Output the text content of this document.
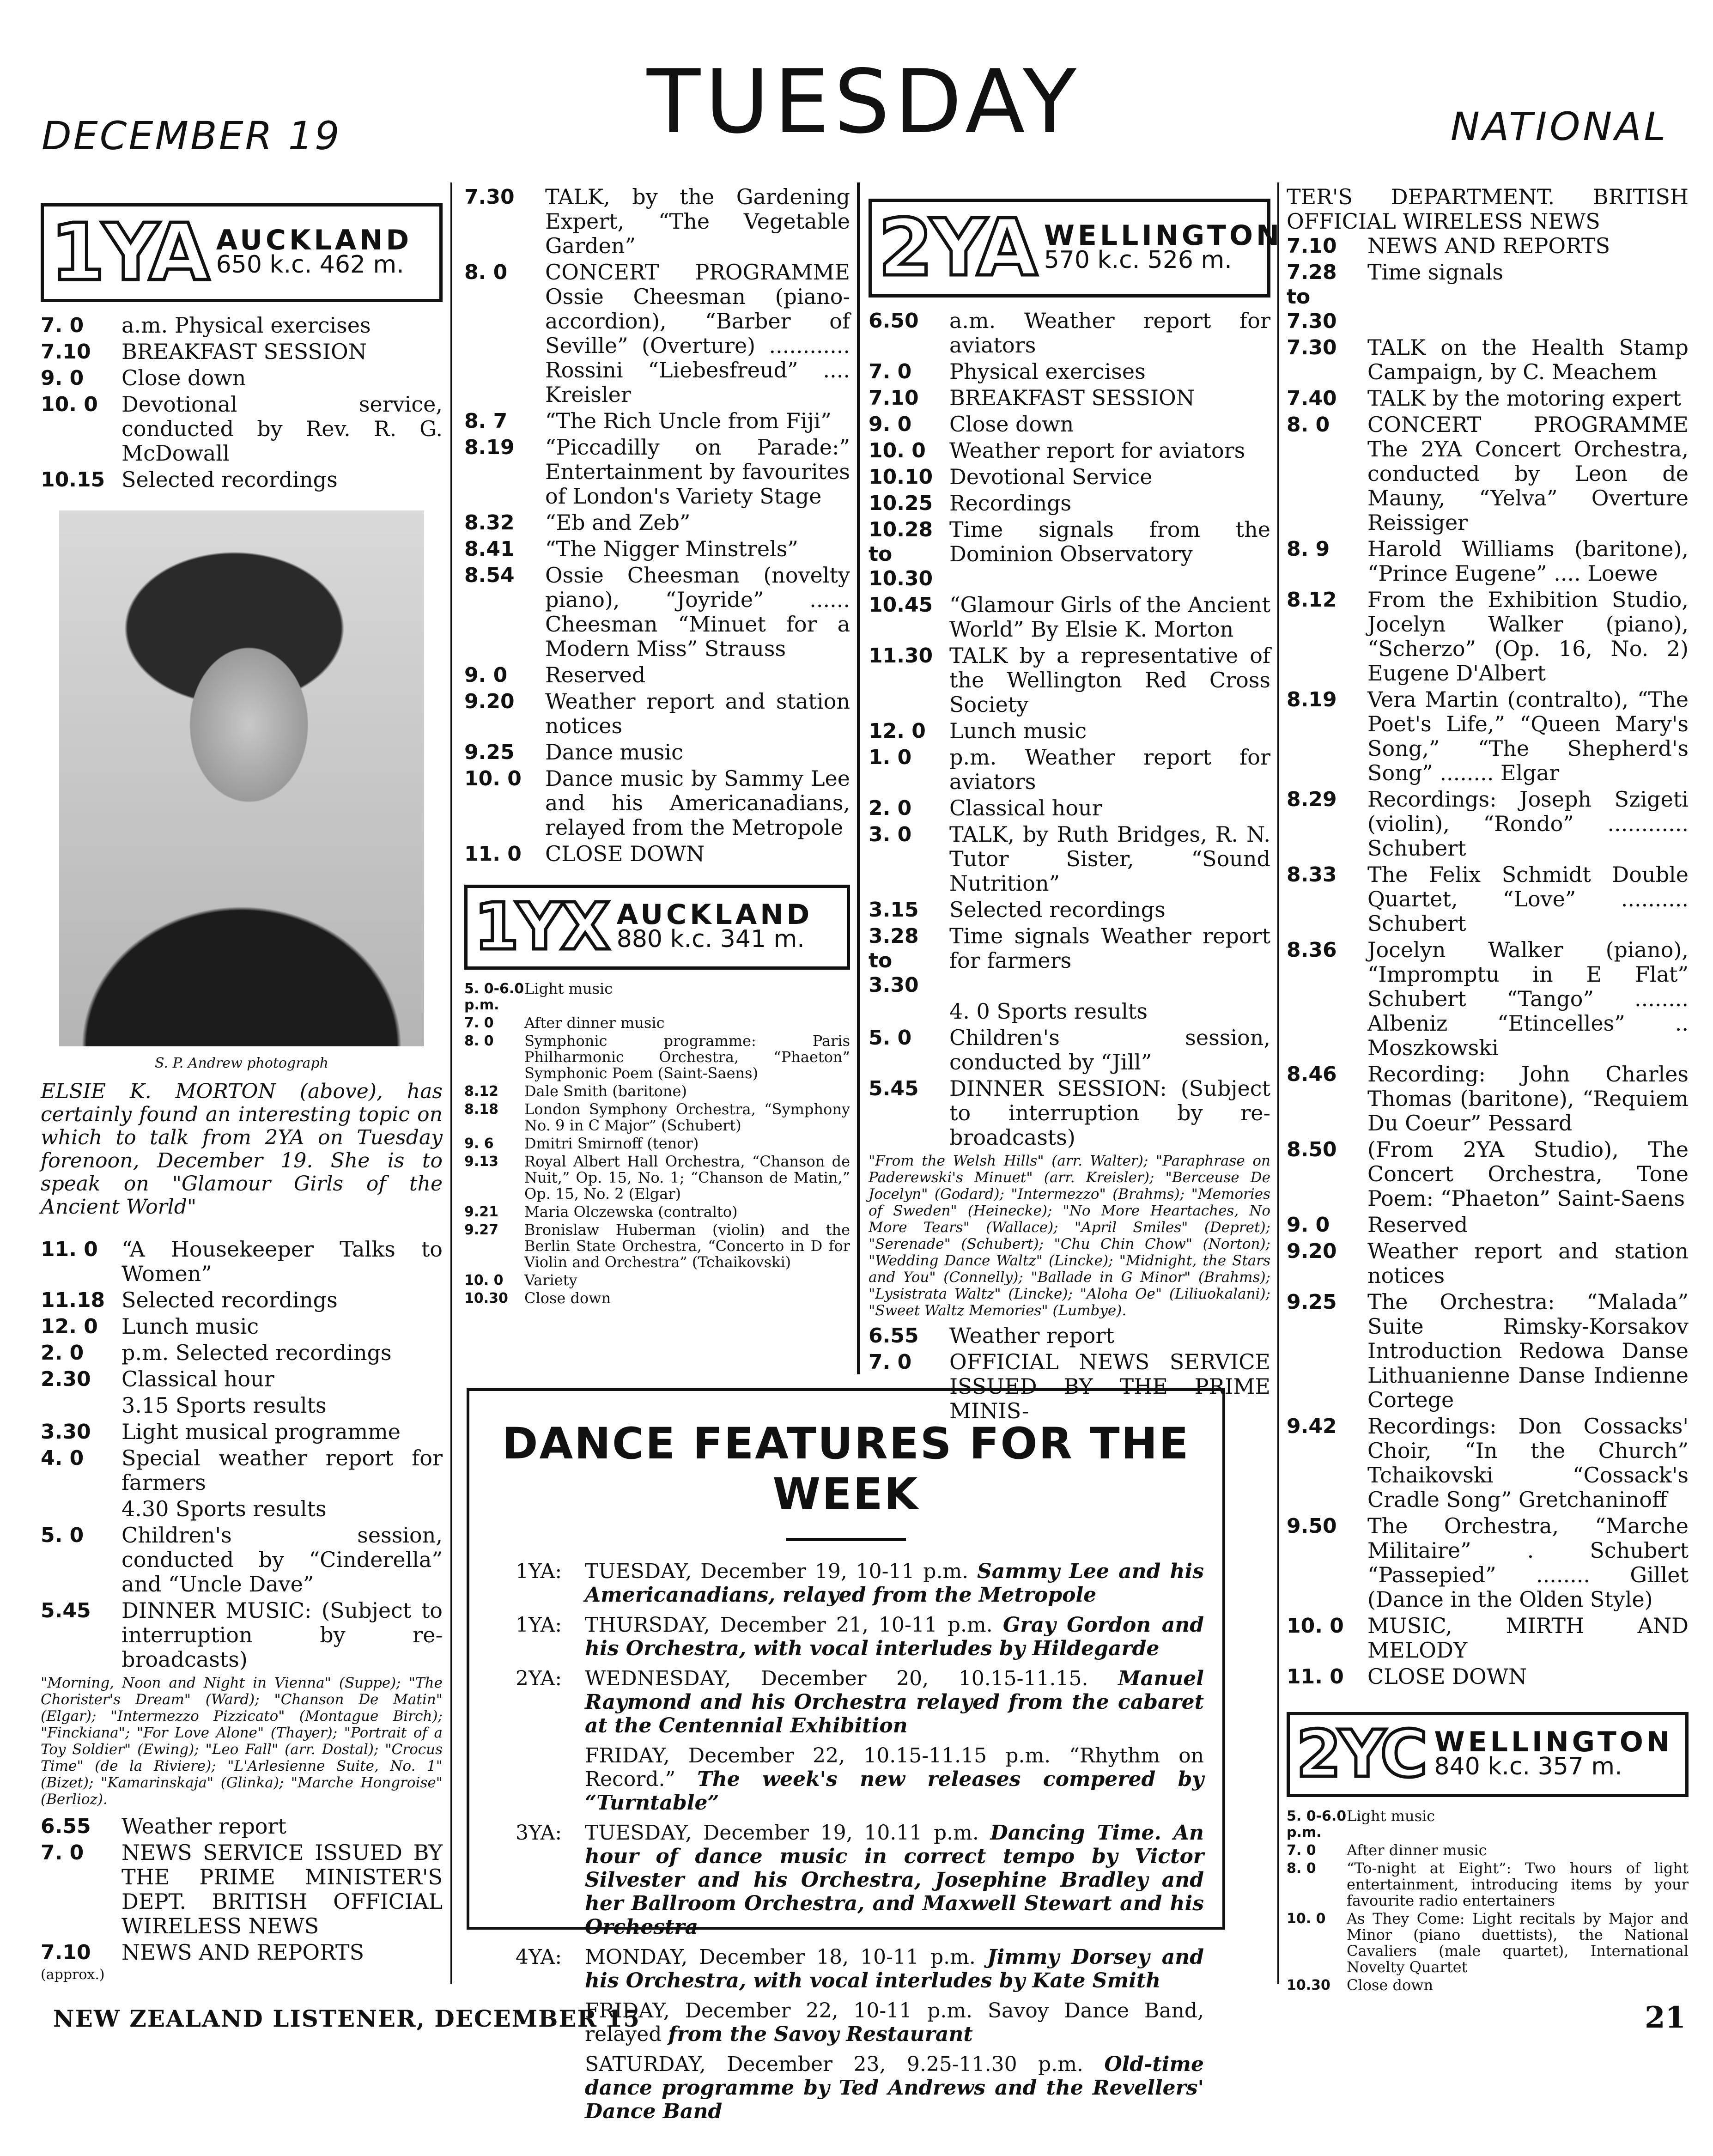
DECEMBER 19	TUESDAY	NATIONAL
1YA AUCKLAND
650 k.c. 462 m.
7. 0	a.m. Physical exercises
7.10	BREAKFAST SESSION
9. 0	Close down
10. 0	Devotional service, conducted by Rev. R. G. McDowall
10.15 Selected recordings
S. P. Andrew photograph
ELSIE K. MORTON (above), has certainly found an interesting topic on which to talk from 2YA on Tuesday forenoon, December 19. She is to speak on "Glamour Girls of the Ancient World"
11. 0	“A Housekeeper Talks to Women”
11.18 Selected recordings
12. 0	Lunch music
2. 0	p.m. Selected recordings
2.30	Classical hour
3.15 Sports results
3.30	Light musical programme
4. 0	Special weather report for farmers
4.30 Sports results
5. 0	Children's session, conducted by “Cinderella” and “Uncle Dave”
5.45	DINNER MUSIC: (Subject to interruption by re-broadcasts)
"Morning, Noon and Night in Vienna" (Suppe); "The Chorister's Dream" (Ward); "Chanson De Matin" (Elgar); "Intermezzo Pizzicato" (Montague Birch); "Finckiana"; "For Love Alone" (Thayer); "Portrait of a Toy Soldier" (Ewing); "Leo Fall" (arr. Dostal); "Crocus Time" (de la Riviere); "L'Arlesienne Suite, No. 1" (Bizet); "Kamarinskaja" (Glinka); "Marche Hongroise" (Berlioz).
6.55	Weather report
7. 0	NEWS SERVICE ISSUED BY THE PRIME MINISTER'S DEPT. BRITISH OFFICIAL WIRELESS NEWS
7.10	NEWS AND REPORTS
(approx.)
7.30	TALK, by the Gardening Expert, “The Vegetable Garden”
8. 0	CONCERT PROGRAMME Ossie Cheesman (piano-accordion), “Barber of Seville” (Overture) ............ Rossini “Liebesfreud” .... Kreisler
8. 7	“The Rich Uncle from Fiji”
8.19	“Piccadilly on Parade:” Entertainment by favourites of London's Variety Stage
8.32	“Eb and Zeb”
8.41	“The Nigger Minstrels”
8.54	Ossie Cheesman (novelty piano), “Joyride” ...... Cheesman “Minuet for a Modern Miss” Strauss
9. 0	Reserved
9.20	Weather report and station notices
9.25	Dance music
10. 0	Dance music by Sammy Lee and his Americanadians, relayed from the Metropole
11. 0	CLOSE DOWN
1YX AUCKLAND
880 k.c. 341 m.
5. 0-6.0 p.m.
Light music
7. 0	After dinner music
8. 0	Symphonic programme: Paris Philharmonic Orchestra, “Phaeton” Symphonic Poem (Saint-Saens)
8.12	Dale Smith (baritone)
8.18	London Symphony Orchestra, “Symphony No. 9 in C Major” (Schubert)
9. 6	Dmitri Smirnoff (tenor)
9.13	Royal Albert Hall Orchestra, “Chanson de Nuit,” Op. 15, No. 1; “Chanson de Matin,” Op. 15, No. 2 (Elgar)
9.21	Maria Olczewska (contralto)
9.27	Bronislaw Huberman (violin) and the Berlin State Orchestra, “Concerto in D for Violin and Orchestra” (Tchaikovski)
10. 0	Variety
10.30	Close down
2YA WELLINGTON
570 k.c. 526 m.
6.50	a.m. Weather report for aviators
7. 0	Physical exercises
7.10	BREAKFAST SESSION
9. 0	Close down
10. 0	Weather report for aviators
10.10 Devotional Service
10.25 Recordings
10.28 to 10.30
Time signals from the Dominion Observatory
10.45 “Glamour Girls of the Ancient World” By Elsie K. Morton
11.30 TALK by a representative of the Wellington Red Cross Society
12. 0	Lunch music
1. 0	p.m. Weather report for aviators
2. 0	Classical hour
3. 0	TALK, by Ruth Bridges, R. N. Tutor Sister, “Sound Nutrition”
3.15	Selected recordings
3.28 to 3.30
Time signals Weather report for farmers
4. 0 Sports results
5. 0	Children's session, conducted by “Jill”
5.45	DINNER SESSION: (Subject to interruption by re-broadcasts)
"From the Welsh Hills" (arr. Walter); "Paraphrase on Paderewski's Minuet" (arr. Kreisler); "Berceuse De Jocelyn" (Godard); "Intermezzo" (Brahms); "Memories of Sweden" (Heinecke); "No More Heartaches, No More Tears" (Wallace); "April Smiles" (Depret); "Serenade" (Schubert); "Chu Chin Chow" (Norton); "Wedding Dance Waltz" (Lincke); "Midnight, the Stars and You" (Connelly); "Ballade in G Minor" (Brahms); "Lysistrata Waltz" (Lincke); "Aloha Oe" (Liliuokalani); "Sweet Waltz Memories" (Lumbye).
6.55	Weather report
7. 0	OFFICIAL NEWS SERVICE ISSUED BY THE PRIME MINIS-
DANCE FEATURES FOR THE WEEK
1YA:	TUESDAY, December 19, 10-11 p.m. Sammy Lee and his Americanadians, relayed from the Metropole
1YA:	THURSDAY, December 21, 10-11 p.m. Gray Gordon and his Orchestra, with vocal interludes by Hildegarde
2YA:	WEDNESDAY, December 20, 10.15-11.15. Manuel Raymond and his Orchestra relayed from the cabaret at the Centennial Exhibition
FRIDAY, December 22, 10.15-11.15 p.m. “Rhythm on Record.” The week's new releases compered by “Turntable”
3YA:	TUESDAY, December 19, 10.11 p.m. Dancing Time. An hour of dance music in correct tempo by Victor Silvester and his Orchestra, Josephine Bradley and her Ballroom Orchestra, and Maxwell Stewart and his Orchestra
4YA:	MONDAY, December 18, 10-11 p.m. Jimmy Dorsey and his Orchestra, with vocal interludes by Kate Smith
FRIDAY, December 22, 10-11 p.m. Savoy Dance Band, relayed from the Savoy Restaurant
SATURDAY, December 23, 9.25-11.30 p.m. Old-time dance programme by Ted Andrews and the Revellers' Dance Band
TER'S DEPARTMENT. BRITISH OFFICIAL WIRELESS NEWS
7.10	NEWS AND REPORTS
7.28 to 7.30
Time signals
7.30	TALK on the Health Stamp Campaign, by C. Meachem
7.40	TALK by the motoring expert
8. 0	CONCERT PROGRAMME The 2YA Concert Orchestra, conducted by Leon de Mauny, “Yelva” Overture Reissiger
8. 9	Harold Williams (baritone), “Prince Eugene” .... Loewe
8.12	From the Exhibition Studio, Jocelyn Walker (piano), “Scherzo” (Op. 16, No. 2) Eugene D'Albert
8.19	Vera Martin (contralto), “The Poet's Life,” “Queen Mary's Song,” “The Shepherd's Song” ........ Elgar
8.29	Recordings: Joseph Szigeti (violin), “Rondo” ............ Schubert
8.33	The Felix Schmidt Double Quartet, “Love” .......... Schubert
8.36	Jocelyn Walker (piano), “Impromptu in E Flat” Schubert “Tango” ........ Albeniz “Etincelles” .. Moszkowski
8.46	Recording: John Charles Thomas (baritone), “Requiem Du Coeur” Pessard
8.50	(From 2YA Studio), The Concert Orchestra, Tone Poem: “Phaeton” Saint-Saens
9. 0	Reserved
9.20	Weather report and station notices
9.25	The Orchestra: “Malada” Suite Rimsky-Korsakov Introduction Redowa Danse Lithuanienne Danse Indienne Cortege
9.42	Recordings: Don Cossacks' Choir, “In the Church” Tchaikovski “Cossack's Cradle Song” Gretchaninoff
9.50	The Orchestra, “Marche Militaire” . Schubert “Passepied” ........ Gillet (Dance in the Olden Style)
10. 0	MUSIC, MIRTH AND MELODY
11. 0	CLOSE DOWN
2YC WELLINGTON
840 k.c. 357 m.
5. 0-6.0 p.m.
Light music
7. 0	After dinner music
8. 0	“To-night at Eight”: Two hours of light entertainment, introducing items by your favourite radio entertainers
10. 0	As They Come: Light recitals by Major and Minor (piano duettists), the National Cavaliers (male quartet), International Novelty Quartet
10.30	Close down
NEW ZEALAND LISTENER, DECEMBER 15	21
